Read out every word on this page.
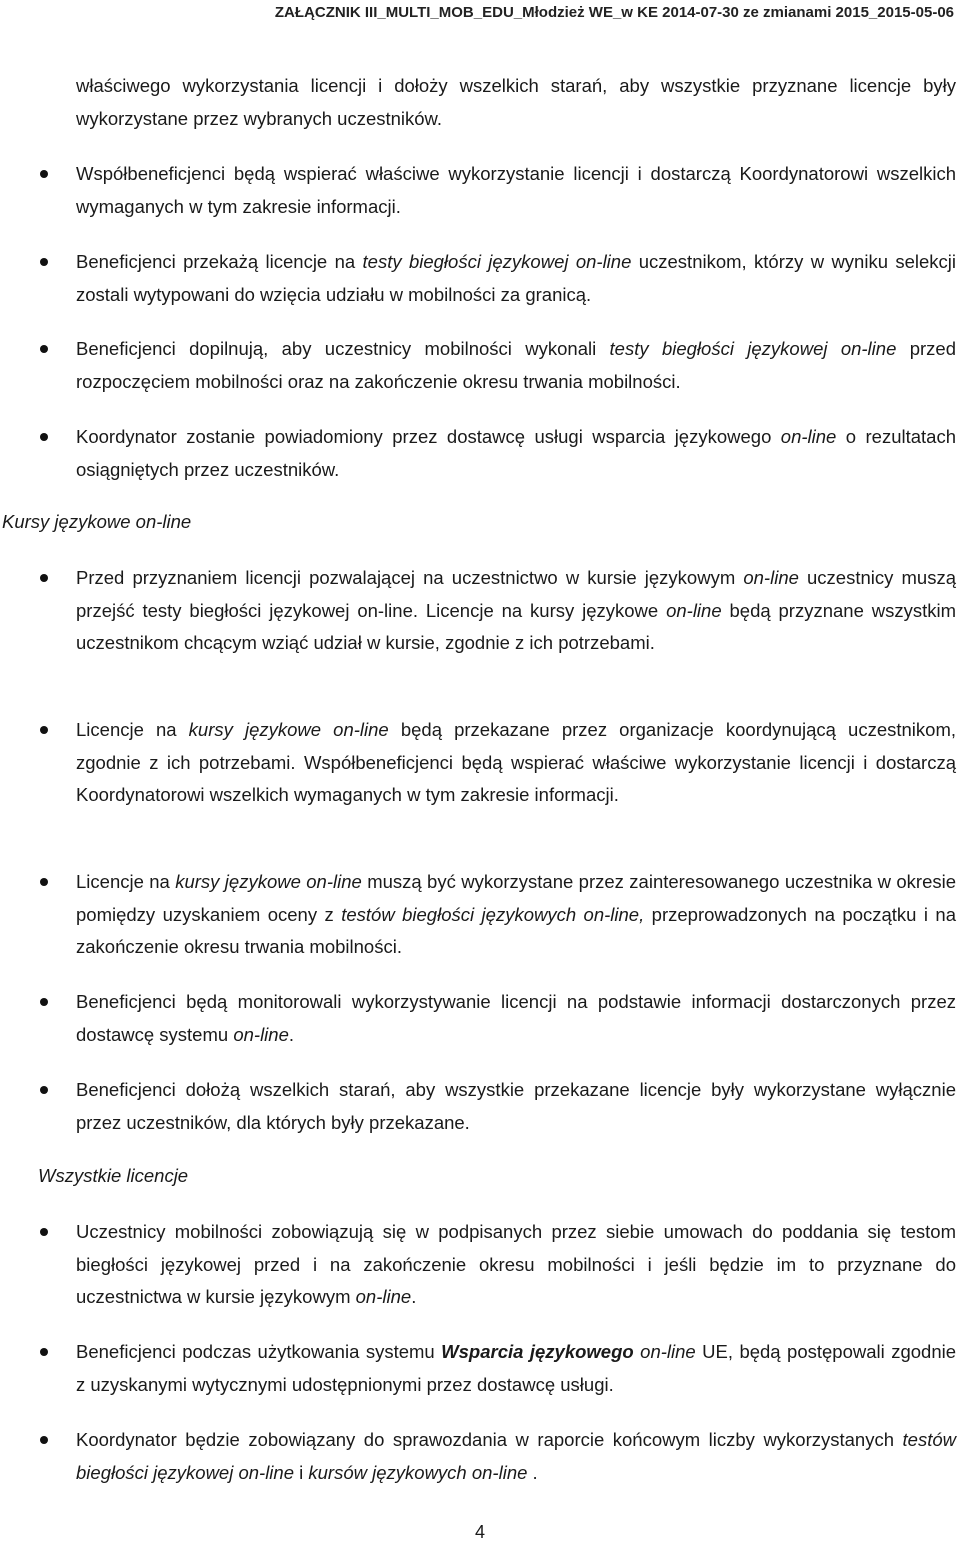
ZAŁĄCZNIK III_MULTI_MOB_EDU_Młodzież WE_w KE 2014-07-30 ze zmianami 2015_2015-05-06
właściwego wykorzystania licencji i dołoży wszelkich starań, aby wszystkie przyznane licencje były wykorzystane przez wybranych uczestników.
Współbeneficjenci będą wspierać właściwe wykorzystanie licencji i dostarczą Koordynatorowi wszelkich wymaganych w tym zakresie informacji.
Beneficjenci przekażą licencje na testy biegłości językowej on-line uczestnikom, którzy w wyniku selekcji zostali wytypowani do wzięcia udziału w mobilności za granicą.
Beneficjenci dopilnują, aby uczestnicy mobilności wykonali testy biegłości językowej on-line przed rozpoczęciem mobilności oraz na zakończenie okresu trwania mobilności.
Koordynator zostanie powiadomiony przez dostawcę usługi wsparcia językowego on-line o rezultatach osiągniętych przez uczestników.
Kursy językowe on-line
Przed przyznaniem licencji pozwalającej na uczestnictwo w kursie językowym on-line uczestnicy muszą przejść testy biegłości językowej on-line. Licencje na kursy językowe on-line będą przyznane wszystkim uczestnikom chcącym wziąć udział w kursie, zgodnie z ich potrzebami.
Licencje na kursy językowe on-line będą przekazane przez organizacje koordynującą uczestnikom, zgodnie z ich potrzebami. Współbeneficjenci będą wspierać właściwe wykorzystanie licencji i dostarczą Koordynatorowi wszelkich wymaganych w tym zakresie informacji.
Licencje na kursy językowe on-line muszą być wykorzystane przez zainteresowanego uczestnika w okresie pomiędzy uzyskaniem oceny z testów biegłości językowych on-line, przeprowadzonych na początku i na zakończenie okresu trwania mobilności.
Beneficjenci będą monitorowali wykorzystywanie licencji na podstawie informacji dostarczonych przez dostawcę systemu on-line.
Beneficjenci dołożą wszelkich starań, aby wszystkie przekazane licencje były wykorzystane wyłącznie przez uczestników, dla których były przekazane.
Wszystkie licencje
Uczestnicy mobilności zobowiązują się w podpisanych przez siebie umowach do poddania się testom biegłości językowej przed i na zakończenie okresu mobilności i jeśli będzie im to przyznane do uczestnictwa w kursie językowym on-line.
Beneficjenci podczas użytkowania systemu Wsparcia językowego on-line UE, będą postępowali zgodnie z uzyskanymi wytycznymi udostępnionymi przez dostawcę usługi.
Koordynator będzie zobowiązany do sprawozdania w raporcie końcowym liczby wykorzystanych testów biegłości językowej on-line i kursów językowych on-line .
4
